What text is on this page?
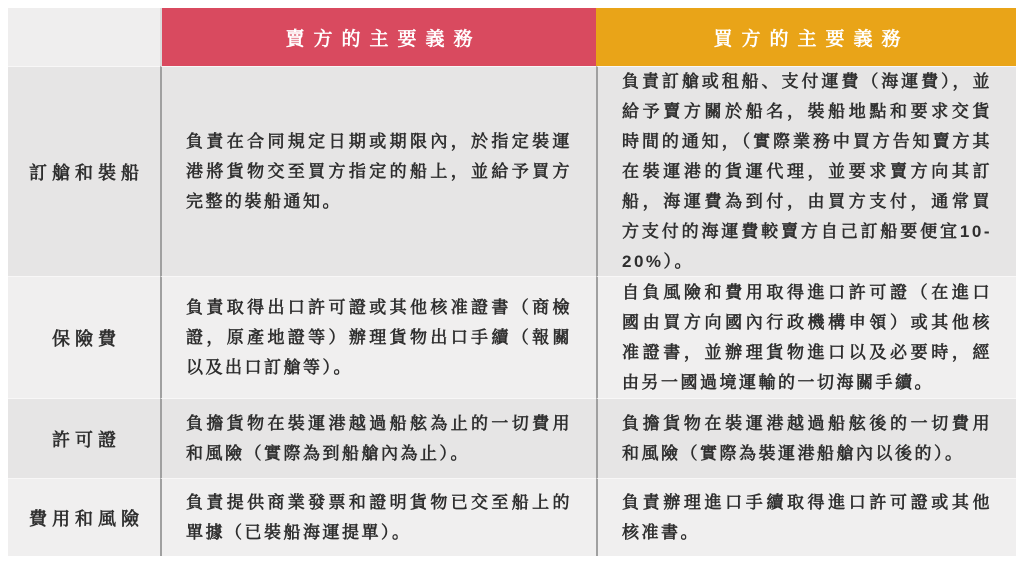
賣方的主要義務	買方的主要義務
訂艙和裝船
負責在合同規定日期或期限內，於指定裝運港將貨物交至買方指定的船上，並給予買方完整的裝船通知。
負責訂艙或租船、支付運費（海運費），並給予賣方關於船名，裝船地點和要求交貨時間的通知，（實際業務中買方告知賣方其在裝運港的貨運代理，並要求賣方向其訂船，海運費為到付，由買方支付，通常買方支付的海運費較賣方自己訂船要便宜10-20%）。
保險費
負責取得出口許可證或其他核准證書（商檢證，原產地證等）辦理貨物出口手續（報關以及出口訂艙等）。
自負風險和費用取得進口許可證（在進口國由買方向國內行政機構申領）或其他核准證書，並辦理貨物進口以及必要時，經由另一國過境運輸的一切海關手續。
許可證
負擔貨物在裝運港越過船舷為止的一切費用和風險（實際為到船艙內為止）。
負擔貨物在裝運港越過船舷後的一切費用和風險（實際為裝運港船艙內以後的）。
費用和風險
負責提供商業發票和證明貨物已交至船上的單據（已裝船海運提單）。
負責辦理進口手續取得進口許可證或其他核准書。
